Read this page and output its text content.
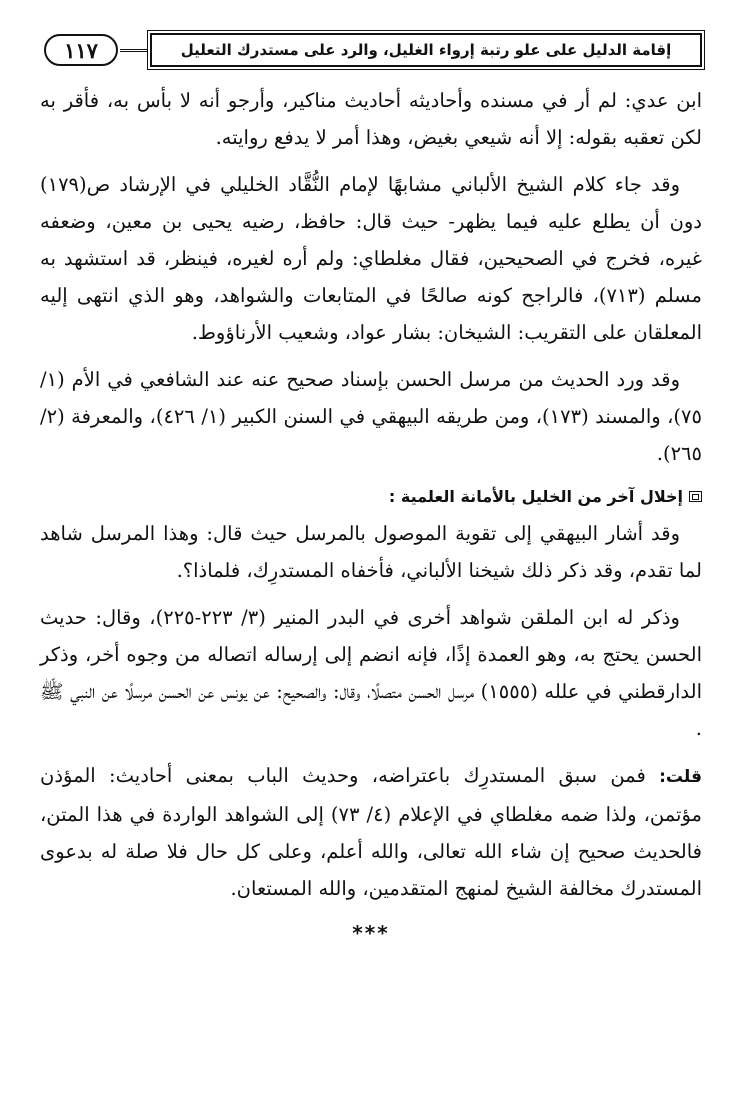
١١٧	إقامة الدليل على علو رتبة إرواء الغليل، والرد على مستدرك التعليل

ابن عدي: لم أر في مسنده وأحاديثه أحاديث مناكير، وأرجو أنه لا بأس به، فأقر به لكن تعقبه بقوله: إلا أنه شيعي بغيض، وهذا أمر لا يدفع روايته.

وقد جاء كلام الشيخ الألباني مشابهًا لإمام النُّقَّاد الخليلي في الإرشاد ص(١٧٩) دون أن يطلع عليه فيما يظهر- حيث قال: حافظ، رضيه يحيى بن معين، وضعفه غيره، فخرج في الصحيحين، فقال مغلطاي: ولم أره لغيره، فينظر، قد استشهد به مسلم (٧١٣)، فالراجح كونه صالحًا في المتابعات والشواهد، وهو الذي انتهى إليه المعلقان على التقريب: الشيخان: بشار عواد، وشعيب الأرناؤوط.

وقد ورد الحديث من مرسل الحسن بإسناد صحيح عنه عند الشافعي في الأم (١/ ٧٥)، والمسند (١٧٣)، ومن طريقه البيهقي في السنن الكبير (١/ ٤٢٦)، والمعرفة (٢/ ٢٦٥).

إخلال آخر من الخليل بالأمانة العلمية :

وقد أشار البيهقي إلى تقوية الموصول بالمرسل حيث قال: وهذا المرسل شاهد لما تقدم، وقد ذكر ذلك شيخنا الألباني، فأخفاه المستدرِك، فلماذا؟.

وذكر له ابن الملقن شواهد أخرى في البدر المنير (٣/ ٢٢٣-٢٢٥)، وقال: حديث الحسن يحتج به، وهو العمدة إذًا، فإنه انضم إلى إرساله اتصاله من وجوه أخر، وذكر الدارقطني في علله (١٥٥٥) مرسل الحسن متصلًا، وقال: والصحيح: عن يونس عن الحسن مرسلًا عن النبي ﷺ .

قلت: فمن سبق المستدرِك باعتراضه، وحديث الباب بمعنى أحاديث: المؤذن مؤتمن، ولذا ضمه مغلطاي في الإعلام (٤/ ٧٣) إلى الشواهد الواردة في هذا المتن، فالحديث صحيح إن شاء الله تعالى، والله أعلم، وعلى كل حال فلا صلة له بدعوى المستدرك مخالفة الشيخ لمنهج المتقدمين، والله المستعان.

***
